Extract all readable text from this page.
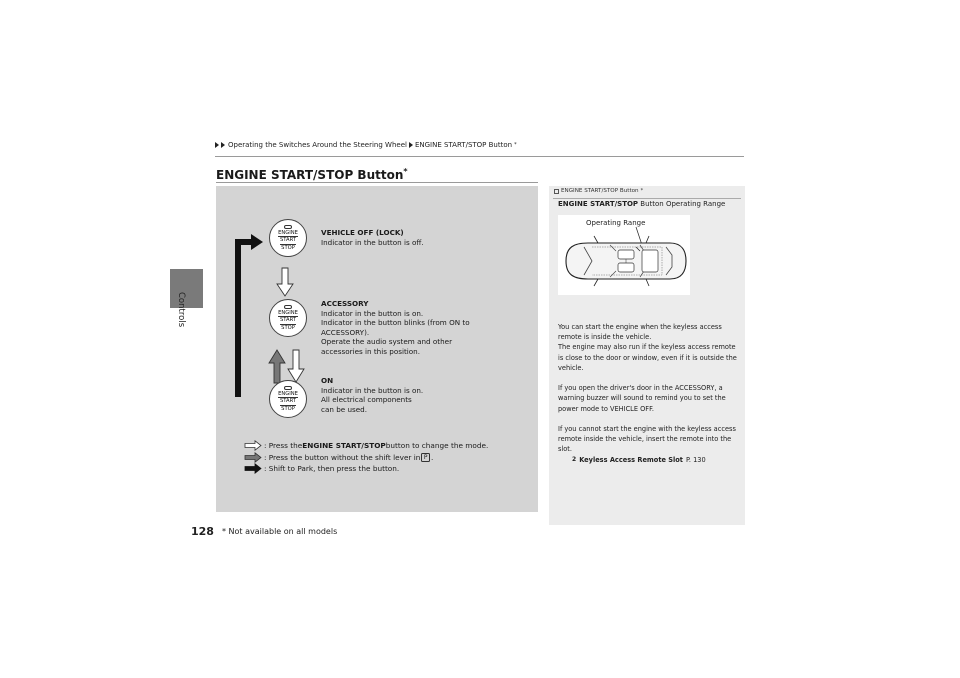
Controls
Operating the Switches Around the Steering Wheel ENGINE START/STOP Button *
ENGINE START/STOP Button*
ENGINE
START
STOP
ENGINE
START
STOP
ENGINE
START
STOP
VEHICLE OFF (LOCK)
Indicator in the button is off.
ACCESSORY
Indicator in the button is on.
Indicator in the button blinks (from ON to ACCESSORY).
Operate the audio system and other accessories in this position.
ON
Indicator in the button is on.
All electrical components can be used.
: Press the ENGINE START/STOP button to change the mode.
: Press the button without the shift lever in P .
: Shift to Park, then press the button.
ENGINE START/STOP Button *
ENGINE START/STOP Button Operating Range
Operating Range

You can start the engine when the keyless access remote is inside the vehicle.
The engine may also run if the keyless access remote is close to the door or window, even if it is outside the vehicle.

If you open the driver's door in the ACCESSORY, a warning buzzer will sound to remind you to set the power mode to VEHICLE OFF.

If you cannot start the engine with the keyless access remote inside the vehicle, insert the remote into the slot.

2 Keyless Access Remote Slot P. 130
128 * Not available on all models
